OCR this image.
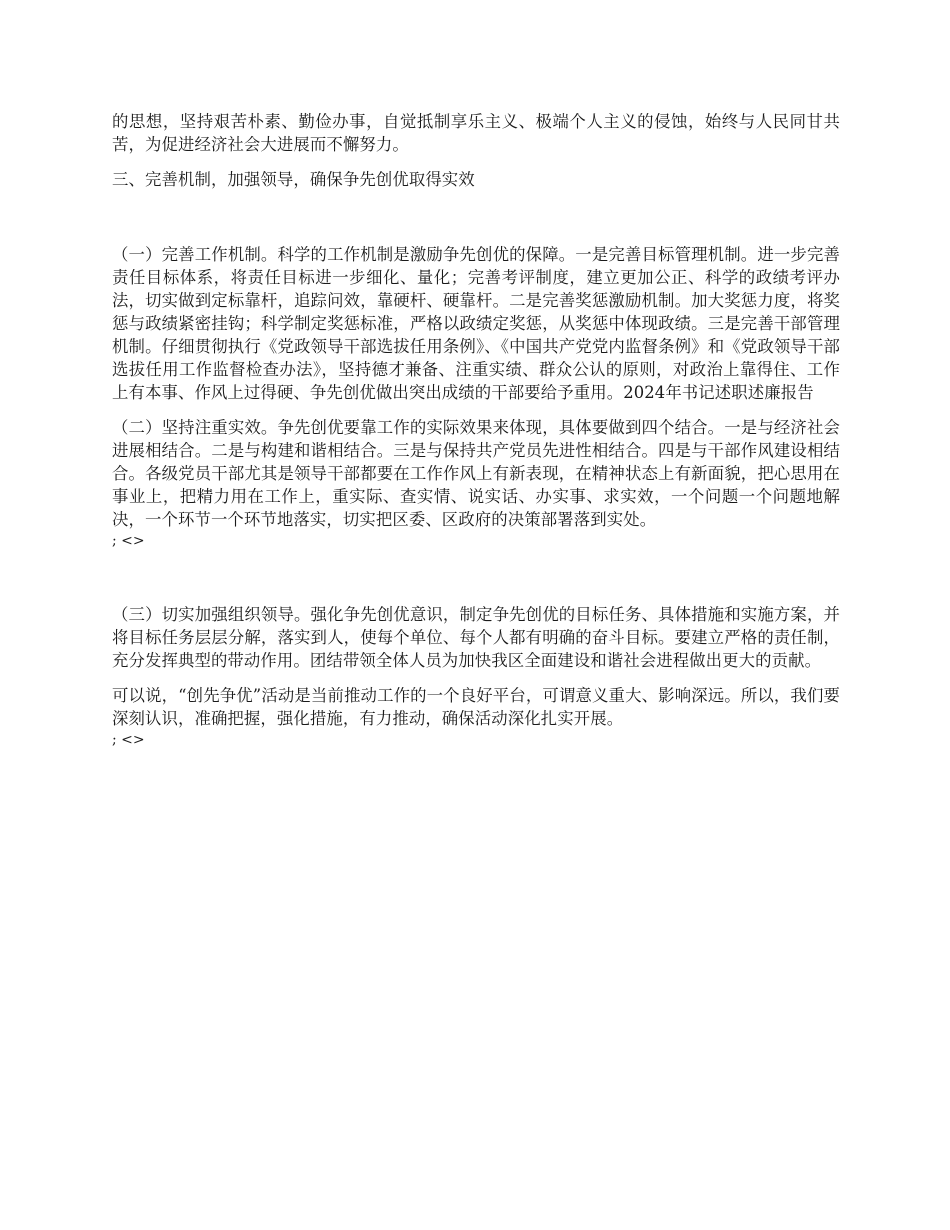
的思想，坚持艰苦朴素、勤俭办事，自觉抵制享乐主义、极端个人主义的侵蚀，始终与人民同甘共苦，为促进经济社会大进展而不懈努力。

三、完善机制，加强领导，确保争先创优取得实效

（一）完善工作机制。科学的工作机制是激励争先创优的保障。一是完善目标管理机制。进一步完善责任目标体系，将责任目标进一步细化、量化；完善考评制度，建立更加公正、科学的政绩考评办法，切实做到定标靠杆，追踪问效，靠硬杆、硬靠杆。二是完善奖惩激励机制。加大奖惩力度，将奖惩与政绩紧密挂钩；科学制定奖惩标准，严格以政绩定奖惩，从奖惩中体现政绩。三是完善干部管理机制。仔细贯彻执行《党政领导干部选拔任用条例》、《中国共产党党内监督条例》和《党政领导干部选拔任用工作监督检查办法》，坚持德才兼备、注重实绩、群众公认的原则，对政治上靠得住、工作上有本事、作风上过得硬、争先创优做出突出成绩的干部要给予重用。2024年书记述职述廉报告

（二）坚持注重实效。争先创优要靠工作的实际效果来体现，具体要做到四个结合。一是与经济社会进展相结合。二是与构建和谐相结合。三是与保持共产党员先进性相结合。四是与干部作风建设相结合。各级党员干部尤其是领导干部都要在工作作风上有新表现，在精神状态上有新面貌，把心思用在事业上，把精力用在工作上，重实际、查实情、说实话、办实事、求实效，一个问题一个问题地解决，一个环节一个环节地落实，切实把区委、区政府的决策部署落到实处。

; <>

（三）切实加强组织领导。强化争先创优意识，制定争先创优的目标任务、具体措施和实施方案，并将目标任务层层分解，落实到人，使每个单位、每个人都有明确的奋斗目标。要建立严格的责任制，充分发挥典型的带动作用。团结带领全体人员为加快我区全面建设和谐社会进程做出更大的贡献。

可以说，“创先争优”活动是当前推动工作的一个良好平台，可谓意义重大、影响深远。所以，我们要深刻认识，准确把握，强化措施，有力推动，确保活动深化扎实开展。

; <>
